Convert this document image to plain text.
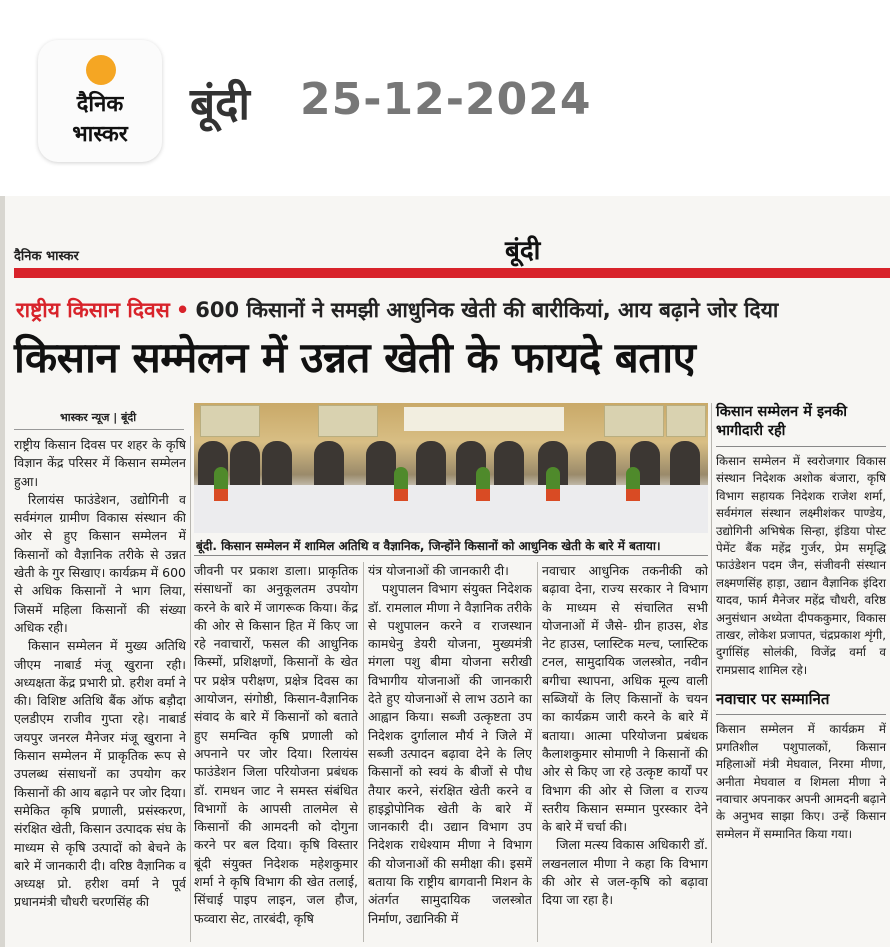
दैनिक
भास्कर
बूंदी 25-12-2024
दैनिक भास्कर	बूंदी
राष्ट्रीय किसान दिवस • 600 किसानों ने समझी आधुनिक खेती की बारीकियां, आय बढ़ाने जोर दिया
किसान सम्मेलन में उन्नत खेती के फायदे बताए
भास्कर न्यूज | बूंदी
बूंदी. किसान सम्मेलन में शामिल अतिथि व वैज्ञानिक, जिन्होंने किसानों को आधुनिक खेती के बारे में बताया।

राष्ट्रीय किसान दिवस पर शहर के कृषि विज्ञान केंद्र परिसर में किसान सम्मेलन हुआ।

रिलायंस फाउंडेशन, उद्योगिनी व सर्वमंगल ग्रामीण विकास संस्थान की ओर से हुए किसान सम्मेलन में किसानों को वैज्ञानिक तरीके से उन्नत खेती के गुर सिखाए। कार्यक्रम में 600 से अधिक किसानों ने भाग लिया, जिसमें महिला किसानों की संख्या अधिक रही।

किसान सम्मेलन में मुख्य अतिथि जीएम नाबार्ड मंजू खुराना रही। अध्यक्षता केंद्र प्रभारी प्रो. हरीश वर्मा ने की। विशिष्ट अतिथि बैंक ऑफ बड़ौदा एलडीएम राजीव गुप्ता रहे। नाबार्ड जयपुर जनरल मैनेजर मंजू खुराना ने किसान सम्मेलन में प्राकृतिक रूप से उपलब्ध संसाधनों का उपयोग कर किसानों की आय बढ़ाने पर जोर दिया। समेकित कृषि प्रणाली, प्रसंस्करण, संरक्षित खेती, किसान उत्पादक संघ के माध्यम से कृषि उत्पादों को बेचने के बारे में जानकारी दी। वरिष्ठ वैज्ञानिक व अध्यक्ष प्रो. हरीश वर्मा ने पूर्व प्रधानमंत्री चौधरी चरणसिंह की

जीवनी पर प्रकाश डाला। प्राकृतिक संसाधनों का अनुकूलतम उपयोग करने के बारे में जागरूक किया। केंद्र की ओर से किसान हित में किए जा रहे नवाचारों, फसल की आधुनिक किस्मों, प्रशिक्षणों, किसानों के खेत पर प्रक्षेत्र परीक्षण, प्रक्षेत्र दिवस का आयोजन, संगोष्ठी, किसान-वैज्ञानिक संवाद के बारे में किसानों को बताते हुए समन्वित कृषि प्रणाली को अपनाने पर जोर दिया। रिलायंस फाउंडेशन जिला परियोजना प्रबंधक डॉ. रामधन जाट ने समस्त संबंधित विभागों के आपसी तालमेल से किसानों की आमदनी को दोगुना करने पर बल दिया। कृषि विस्तार बूंदी संयुक्त निदेशक महेशकुमार शर्मा ने कृषि विभाग की खेत तलाई, सिंचाई पाइप लाइन, जल हौज, फव्वारा सेट, तारबंदी, कृषि

यंत्र योजनाओं की जानकारी दी।

पशुपालन विभाग संयुक्त निदेशक डॉ. रामलाल मीणा ने वैज्ञानिक तरीके से पशुपालन करने व राजस्थान कामधेनु डेयरी योजना, मुख्यमंत्री मंगला पशु बीमा योजना सरीखी विभागीय योजनाओं की जानकारी देते हुए योजनाओं से लाभ उठाने का आह्वान किया। सब्जी उत्कृष्टता उप निदेशक दुर्गालाल मौर्य ने जिले में सब्जी उत्पादन बढ़ावा देने के लिए किसानों को स्वयं के बीजों से पौध तैयार करने, संरक्षित खेती करने व हाइड्रोपोनिक खेती के बारे में जानकारी दी। उद्यान विभाग उप निदेशक राधेश्याम मीणा ने विभाग की योजनाओं की समीक्षा की। इसमें बताया कि राष्ट्रीय बागवानी मिशन के अंतर्गत सामुदायिक जलस्त्रोत निर्माण, उद्यानिकी में

नवाचार आधुनिक तकनीकी को बढ़ावा देना, राज्य सरकार ने विभाग के माध्यम से संचालित सभी योजनाओं में जैसे- ग्रीन हाउस, शेड नेट हाउस, प्लास्टिक मल्च, प्लास्टिक टनल, सामुदायिक जलस्त्रोत, नवीन बगीचा स्थापना, अधिक मूल्य वाली सब्जियों के लिए किसानों के चयन का कार्यक्रम जारी करने के बारे में बताया। आत्मा परियोजना प्रबंधक कैलाशकुमार सोमाणी ने किसानों की ओर से किए जा रहे उत्कृष्ट कार्यों पर विभाग की ओर से जिला व राज्य स्तरीय किसान सम्मान पुरस्कार देने के बारे में चर्चा की।

जिला मत्स्य विकास अधिकारी डॉ. लखनलाल मीणा ने कहा कि विभाग की ओर से जल-कृषि को बढ़ावा दिया जा रहा है।

किसान सम्मेलन में इनकी भागीदारी रही
किसान सम्मेलन में स्वरोजगार विकास संस्थान निदेशक अशोक बंजारा, कृषि विभाग सहायक निदेशक राजेश शर्मा, सर्वमंगल संस्थान लक्ष्मीशंकर पाण्डेय, उद्योगिनी अभिषेक सिन्हा, इंडिया पोस्ट पेमेंट बैंक महेंद्र गुर्जर, प्रेम समृद्धि फाउंडेशन पदम जैन, संजीवनी संस्थान लक्ष्मणसिंह हाड़ा, उद्यान वैज्ञानिक इंदिरा यादव, फार्म मैनेजर महेंद्र चौधरी, वरिष्ठ अनुसंधान अध्येता दीपककुमार, विकास ताखर, लोकेश प्रजापत, चंद्रप्रकाश शृंगी, दुर्गासिंह सोलंकी, विजेंद्र वर्मा व रामप्रसाद शामिल रहे।
नवाचार पर सम्मानित
किसान सम्मेलन में कार्यक्रम में प्रगतिशील पशुपालकों, किसान महिलाओं मंत्री मेघवाल, निरमा मीणा, अनीता मेघवाल व शिमला मीणा ने नवाचार अपनाकर अपनी आमदनी बढ़ाने के अनुभव साझा किए। उन्हें किसान सम्मेलन में सम्मानित किया गया।
